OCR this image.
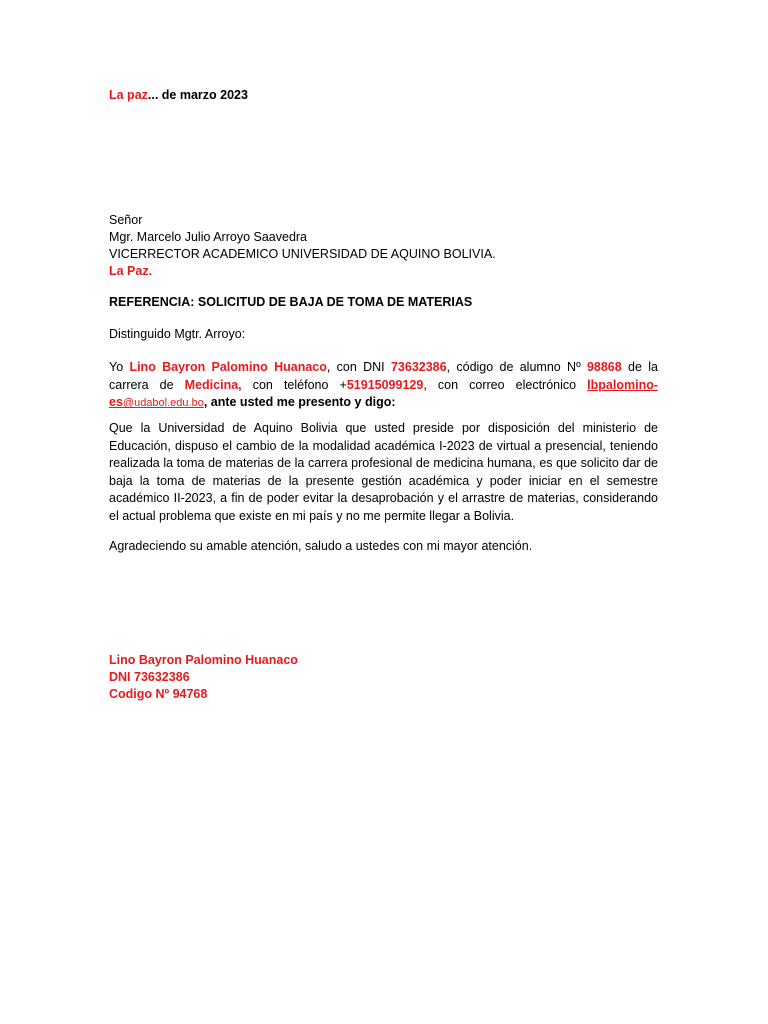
La paz... de marzo 2023

Señor

Mgr. Marcelo Julio Arroyo Saavedra

VICERRECTOR ACADEMICO UNIVERSIDAD DE AQUINO BOLIVIA.

La Paz.

REFERENCIA: SOLICITUD DE BAJA DE TOMA DE MATERIAS

Distinguido Mgtr. Arroyo:

Yo Lino Bayron Palomino Huanaco, con DNI 73632386, código de alumno Nº 98868 de la carrera de Medicina, con teléfono +51915099129, con correo electrónico lbpalomino-es@udabol.edu.bo, ante usted me presento y digo:

Que la Universidad de Aquino Bolivia que usted preside por disposición del ministerio de Educación, dispuso el cambio de la modalidad académica I-2023 de virtual a presencial, teniendo realizada la toma de materias de la carrera profesional de medicina humana, es que solicito dar de baja la toma de materias de la presente gestión académica y poder iniciar en el semestre académico II-2023, a fin de poder evitar la desaprobación y el arrastre de materias, considerando el actual problema que existe en mi país y no me permite llegar a Bolivia.

Agradeciendo su amable atención, saludo a ustedes con mi mayor atención.

Lino Bayron Palomino Huanaco

DNI 73632386

Codigo Nº 94768
